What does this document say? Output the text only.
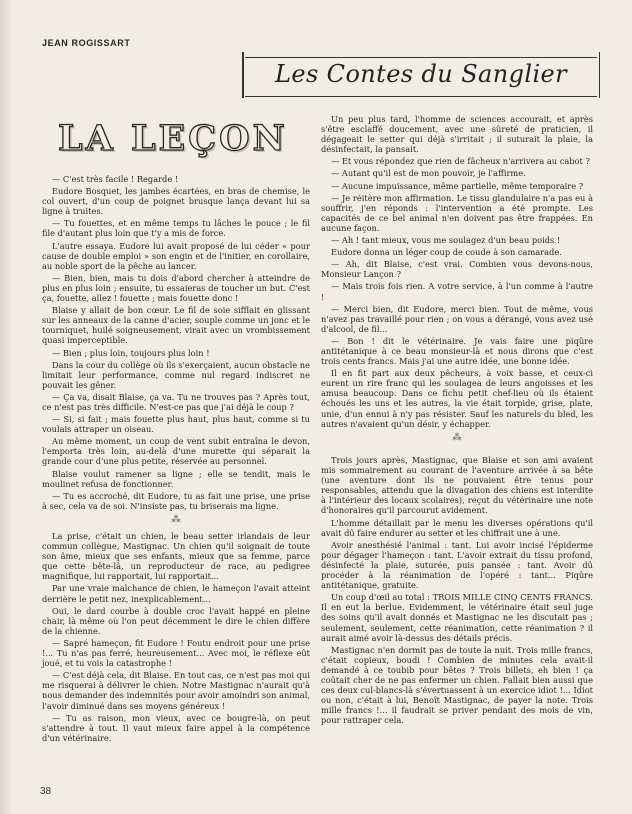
JEAN ROGISSART
Les Contes du Sanglier
LA LEÇON

— C'est très facile ! Regarde !

Eudore Bosquet, les jambes écartées, en bras de chemise, le col ouvert, d'un coup de poignet brusque lança devant lui sa ligne à truites.

— Tu fouettes, et en même temps tu lâches le pouce ; le fil file d'autant plus loin que t'y a mis de force.

L'autre essaya. Eudore lui avait proposé de lui céder « pour cause de double emploi » son engin et de l'initier, en corollaire, au noble sport de la pêche au lancer.

— Bien, bien, mais tu dois d'abord chercher à atteindre de plus en plus loin ; ensuite, tu essaieras de toucher un but. C'est ça, fouette, allez ! fouette ; mais fouette donc !

Blaise y allait de bon cœur. Le fil de soie sifflait en glissant sur les anneaux de la canne d'acier, souple comme un jonc et le tourniquet, huilé soigneusement, virait avec un vrombissement quasi imperceptible.

— Bien ; plus loin, toujours plus loin !

Dans la cour du collège où ils s'exerçaient, aucun obstacle ne limitait leur performance, comme nul regard indiscret ne pouvait les gêner.

— Ça va, disait Blaise, ça va. Tu ne trouves pas ? Après tout, ce n'est pas très difficile. N'est-ce pas que j'ai déjà le coup ?

— Si, si fait ; mais fouette plus haut, plus haut, comme si tu voulais attraper un oiseau.

Au même moment, un coup de vent subit entraîna le devon, l'emporta très loin, au-delà d'une murette qui séparait la grande cour d'une plus petite, réservée au personnel.

Blaise voulut ramener sa ligne ; elle se tendit, mais le moulinet refusa de fonctionner.

— Tu es accroché, dit Eudore, tu as fait une prise, une prise à sec, cela va de soi. N'insiste pas, tu briserais ma ligne.

⁂

La prise, c'était un chien, le beau setter irlandais de leur commun collègue, Mastignac. Un chien qu'il soignait de toute son âme, mieux que ses enfants, mieux que sa femme, parce que cette bête-là, un reproducteur de race, au pedigree magnifique, lui rapportait, lui rapportait...

Par une vraie malchance de chien, le hameçon l'avait atteint derrière le petit nez, inexplicablement...

Oui, le dard courbe à double croc l'avait happé en pleine chair, là même où l'on peut décemment le dire le chien diffère de la chienne.

— Sapré hameçon, fit Eudore ! Foutu endroit pour une prise !... Tu n'as pas ferré, heureusement... Avec moi, le réflexe eût joué, et tu vois la catastrophe !

— C'est déjà cela, dit Blaise. En tout cas, ce n'est pas moi qui me risquerai à délivrer le chien. Notre Mastignac n'aurait qu'à nous demander des indemnités pour avoir amoindri son animal, l'avoir diminué dans ses moyens généreux !

— Tu as raison, mon vieux, avec ce bougre-là, on peut s'attendre à tout. Il vaut mieux faire appel à la compétence d'un vétérinaire.

Un peu plus tard, l'homme de sciences accourait, et après s'être esclaffé doucement, avec une sûreté de praticien, il dégageait le setter qui déjà s'irritait ; il suturait la plaie, la désinfectait, la pansait.

— Et vous répondez que rien de fâcheux n'arrivera au cabot ?

— Autant qu'il est de mon pouvoir, je l'affirme.

— Aucune impuissance, même partielle, même temporaire ?

— Je réitère mon affirmation. Le tissu glandulaire n'a pas eu à souffrir, j'en réponds : l'intervention a été prompte. Les capacités de ce bel animal n'en doivent pas être frappées. En aucune façon.

— Ah ! tant mieux, vous me soulagez d'un beau poids !

Eudore donna un léger coup de coude à son camarade.

— Ah, dit Blaise, c'est vrai. Combien vous devons-nous, Monsieur Lançon ?

— Mais trois fois rien. A votre service, à l'un comme à l'autre !

— Merci bien, dit Eudore, merci bien. Tout de même, vous n'avez pas travaillé pour rien ; on vous a dérangé, vous avez usé d'alcool, de fil...

— Bon ! dit le vétérinaire. Je vais faire une piqûre antitétanique à ce beau monsieur-là et nous dirons que c'est trois cents francs. Mais j'ai une autre idée, une bonne idée.

Il en fit part aux deux pêcheurs, à voix basse, et ceux-ci eurent un rire franc qui les soulagea de leurs angoisses et les amusa beaucoup. Dans ce fichu petit chef-lieu où ils étaient échoués les uns et les autres, la vie était torpide, grise, plate, unie, d'un ennui à n'y pas résister. Sauf les naturels du bled, les autres n'avaient qu'un désir, y échapper.

⁂

Trois jours après, Mastignac, que Blaise et son ami avaient mis sommairement au courant de l'aventure arrivée à sa bête (une aventure dont ils ne pouvaient être tenus pour responsables, attendu que la divagation des chiens est interdite à l'intérieur des locaux scolaires), reçut du vétérinaire une note d'honoraires qu'il parcourut avidement.

L'homme détaillait par le menu les diverses opérations qu'il avait dû faire endurer au setter et les chiffrait une à une.

Avoir anesthésié l'animal : tant. Lui avoir incisé l'épiderme pour dégager l'hameçon : tant. L'avoir extrait du tissu profond, désinfecté la plaie, suturée, puis pansée : tant. Avoir dû procéder à la réanimation de l'opéré : tant... Piqûre antitétanique, gratuite.

Un coup d'œil au total : TROIS MILLE CINQ CENTS FRANCS. Il en eut la berlue. Evidemment, le vétérinaire était seul juge des soins qu'il avait donnés et Mastignac ne les discutait pas ; seulement, seulement, cette réanimation, cette réanimation ? il aurait aimé avoir là-dessus des détails précis.

Mastignac n'en dormit pas de toute la nuit. Trois mille francs, c'était copieux, boudi ! Combien de minutes cela avait-il demandé à ce toubib pour bêtes ? Trois billets, eh bien ! ça coûtait cher de ne pas enfermer un chien. Fallait bien aussi que ces deux cul-blancs-là s'évertuassent à un exercice idiot !... Idiot ou non, c'était à lui, Benoît Mastignac, de payer la note. Trois mille francs !... il faudrait se priver pendant des mois de vin, pour rattraper cela.

38
